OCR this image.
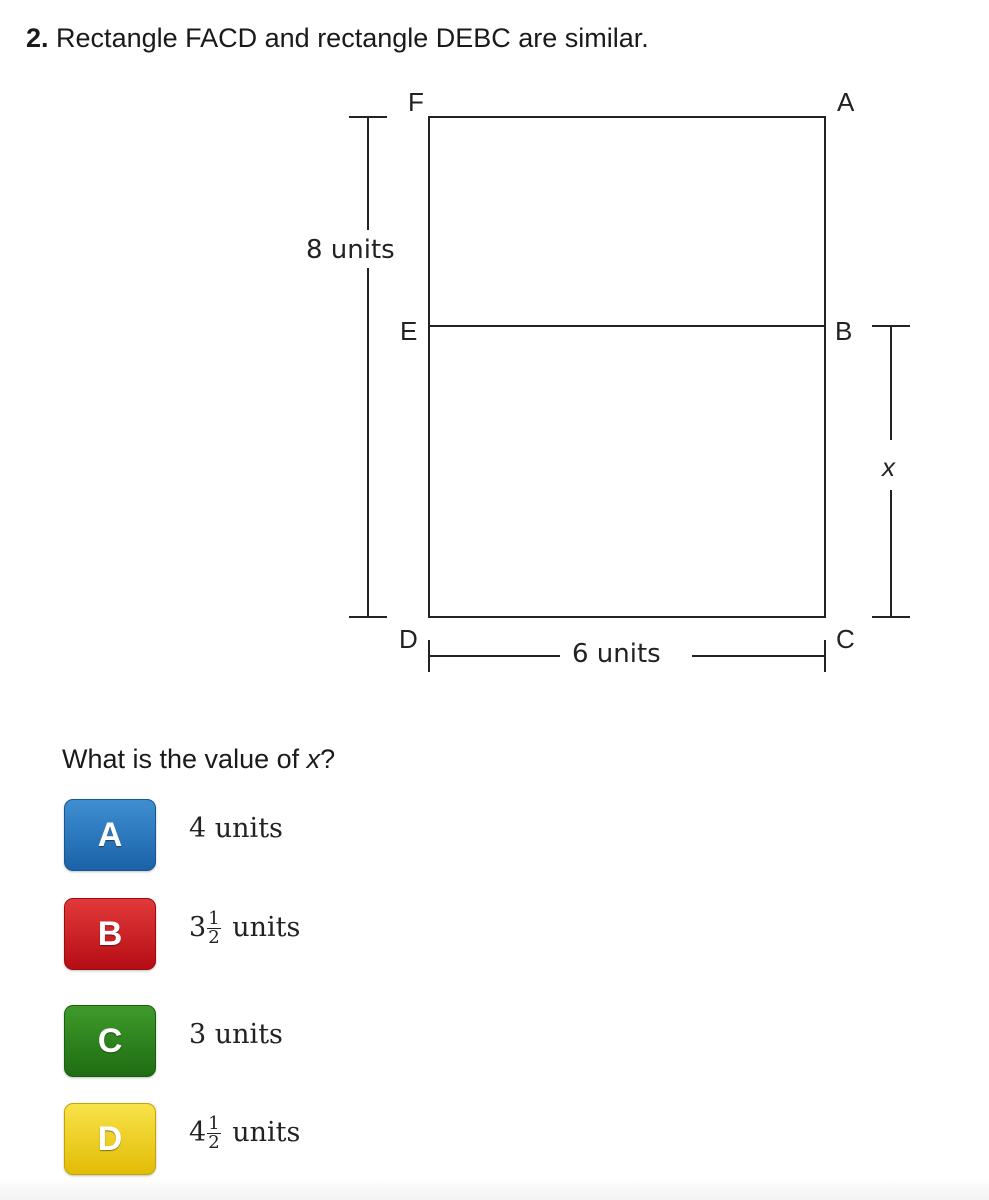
2. Rectangle FACD and rectangle DEBC are similar.
F	A
E	B
D	C
8 units
6 units
x
What is the value of x?
A	4 units
B	$3 \frac{1}{2}$ units
C	3 units
D	$4 \frac{1}{2}$ units
